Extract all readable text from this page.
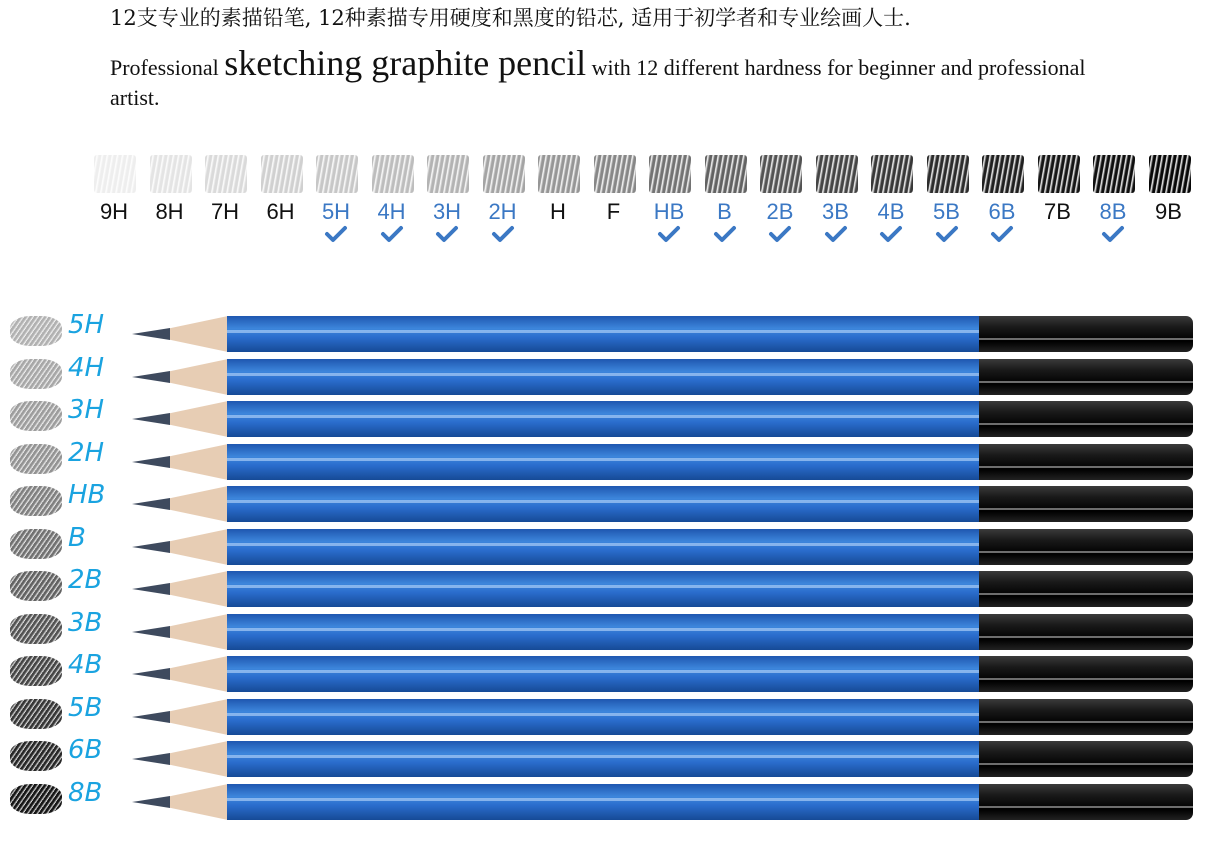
12支专业的素描铅笔, 12种素描专用硬度和黑度的铅芯, 适用于初学者和专业绘画人士.
Professional sketching graphite pencil with 12 different hardness for beginner and professional artist.
9H	8H	7H	6H	5H	4H	3H	2H	H	F	HB	B	2B	3B	4B	5B	6B	7B	8B	9B
5H
4H
3H
2H
HB
B
2B
3B
4B
5B
6B
8B
